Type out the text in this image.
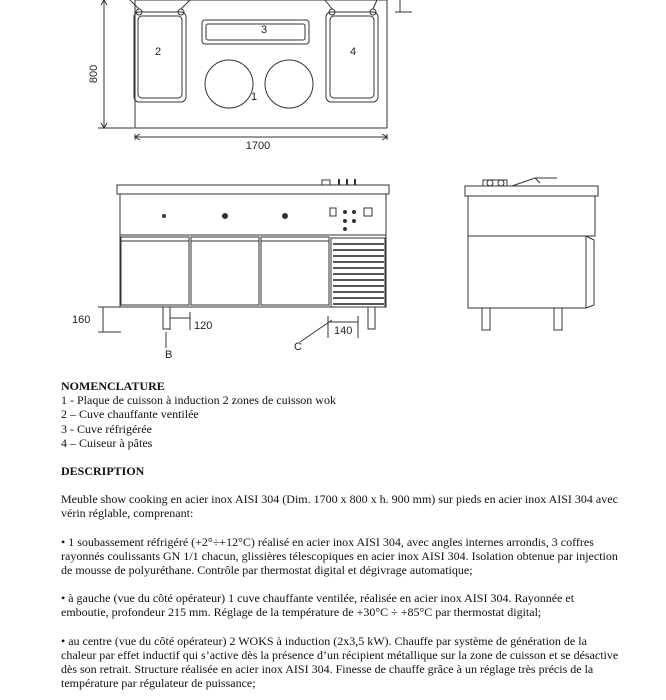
800
1700
3
2	4
1
160	120	140
B
C

NOMENCLATURE

1 - Plaque de cuisson à induction 2 zones de cuisson wok

2 – Cuve chauffante ventilée

3 - Cuve réfrigérée

4 – Cuiseur à pâtes

DESCRIPTION

Meuble show cooking en acier inox AISI 304 (Dim. 1700 x 800 x h. 900 mm) sur pieds en acier inox AISI 304 avec vérin réglable, comprenant:

• 1 soubassement réfrigéré (+2°÷+12°C) réalisé en acier inox AISI 304, avec angles internes arrondis, 3 coffres rayonnés coulissants GN 1/1 chacun, glissières télescopiques en acier inox AISI 304. Isolation obtenue par injection de mousse de polyuréthane. Contrôle par thermostat digital et dégivrage automatique;

• à gauche (vue du côté opérateur) 1 cuve chauffante ventilée, réalisée en acier inox AISI 304. Rayonnée et emboutie, profondeur 215 mm. Réglage de la température de +30°C ÷ +85°C par thermostat digital;

• au centre (vue du côté opérateur) 2 WOKS à induction (2x3,5 kW). Chauffe par système de génération de la chaleur par effet inductif qui s’active dès la présence d’un récipient métallique sur la zone de cuisson et se désactive dès son retrait. Structure réalisée en acier inox AISI 304. Finesse de chauffe grâce à un réglage très précis de la température par régulateur de puissance;
